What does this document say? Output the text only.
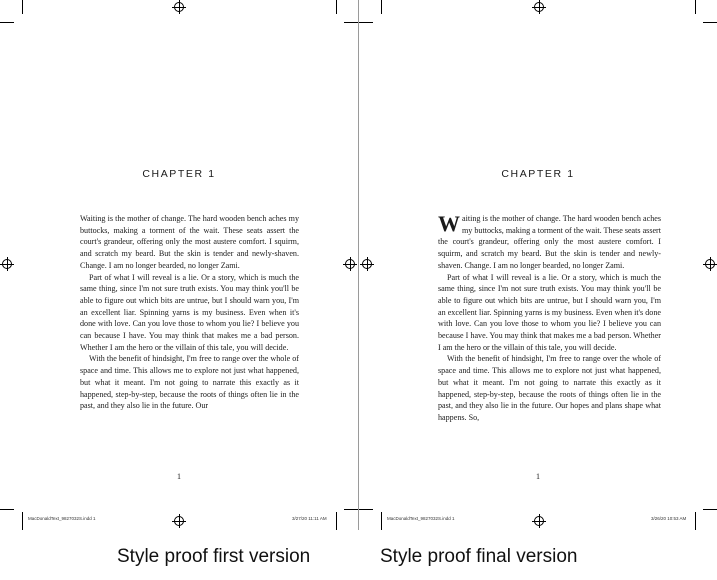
CHAPTER 1

Waiting is the mother of change. The hard wooden bench aches my buttocks, making a torment of the wait. These seats assert the court's grandeur, offering only the most austere comfort. I squirm, and scratch my beard. But the skin is tender and newly-shaven. Change. I am no longer bearded, no longer Zami.

Part of what I will reveal is a lie. Or a story, which is much the same thing, since I'm not sure truth exists. You may think you'll be able to figure out which bits are untrue, but I should warn you, I'm an excellent liar. Spinning yarns is my business. Even when it's done with love. Can you love those to whom you lie? I believe you can because I have. You may think that makes me a bad person. Whether I am the hero or the villain of this tale, you will decide.

With the benefit of hindsight, I'm free to range over the whole of space and time. This allows me to explore not just what happened, but what it meant. I'm not going to narrate this exactly as it happened, step-by-step, because the roots of things often lie in the past, and they also lie in the future. Our

1
MacDonaldText_9827032S.indd 1	3/27/20 11:11 AM
CHAPTER 1

Waiting is the mother of change. The hard wooden bench aches my buttocks, making a torment of the wait. These seats assert the court's grandeur, offering only the most austere comfort. I squirm, and scratch my beard. But the skin is tender and newly-shaven. Change. I am no longer bearded, no longer Zami.

Part of what I will reveal is a lie. Or a story, which is much the same thing, since I'm not sure truth exists. You may think you'll be able to figure out which bits are untrue, but I should warn you, I'm an excellent liar. Spinning yarns is my business. Even when it's done with love. Can you love those to whom you lie? I believe you can because I have. You may think that makes me a bad person. Whether I am the hero or the villain of this tale, you will decide.

With the benefit of hindsight, I'm free to range over the whole of space and time. This allows me to explore not just what happened, but what it meant. I'm not going to narrate this exactly as it happened, step-by-step, because the roots of things often lie in the past, and they also lie in the future. Our hopes and plans shape what happens. So,

1
MacDonaldText_9827032S.indd 1	3/26/20 10:53 AM
Style proof first version	Style proof final version
